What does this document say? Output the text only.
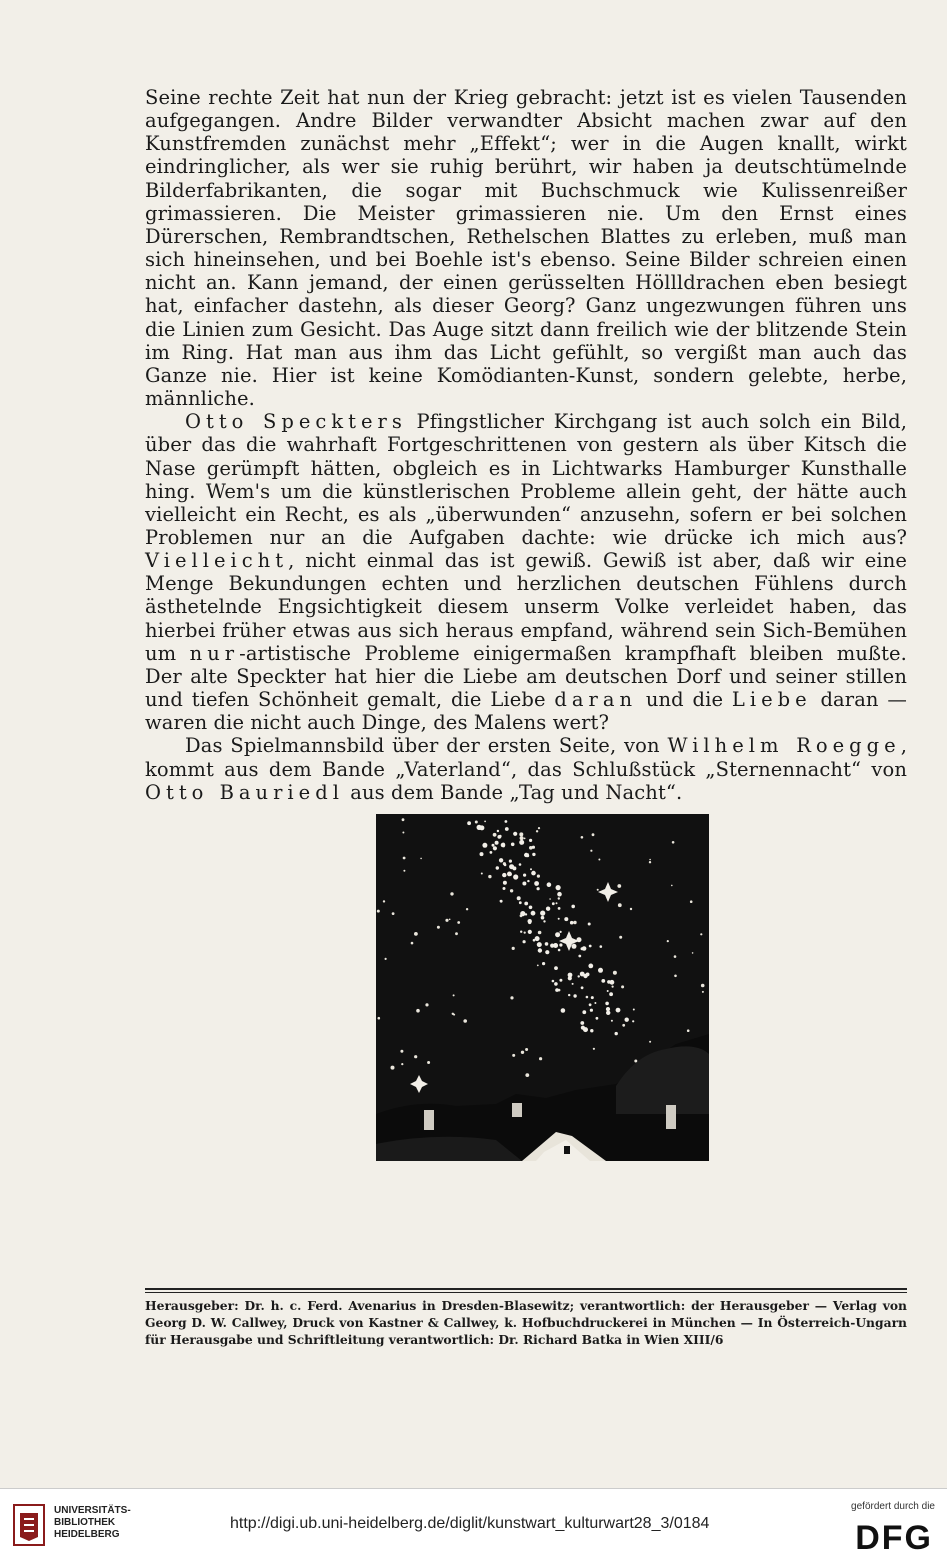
Seine rechte Zeit hat nun der Krieg gebracht: jetzt ist es vielen Tausenden aufgegangen. Andre Bilder verwandter Absicht machen zwar auf den Kunstfremden zunächst mehr „Effekt“; wer in die Augen knallt, wirkt eindringlicher, als wer sie ruhig berührt, wir haben ja deutschtümelnde Bilderfabrikanten, die sogar mit Buchschmuck wie Kulissenreißer grimassieren. Die Meister grimassieren nie. Um den Ernst eines Dürerschen, Rembrandtschen, Rethelschen Blattes zu erleben, muß man sich hineinsehen, und bei Boehle ist's ebenso. Seine Bilder schreien einen nicht an. Kann jemand, der einen gerüsselten Höllldrachen eben besiegt hat, einfacher dastehn, als dieser Georg? Ganz ungezwungen führen uns die Linien zum Gesicht. Das Auge sitzt dann freilich wie der blitzende Stein im Ring. Hat man aus ihm das Licht gefühlt, so vergißt man auch das Ganze nie. Hier ist keine Komödianten-Kunst, sondern gelebte, herbe, männliche.

Otto Speckters Pfingstlicher Kirchgang ist auch solch ein Bild, über das die wahrhaft Fortgeschrittenen von gestern als über Kitsch die Nase gerümpft hätten, obgleich es in Lichtwarks Hamburger Kunsthalle hing. Wem's um die künstlerischen Probleme allein geht, der hätte auch vielleicht ein Recht, es als „überwunden“ anzusehn, sofern er bei solchen Problemen nur an die Aufgaben dachte: wie drücke ich mich aus? Vielleicht, nicht einmal das ist gewiß. Gewiß ist aber, daß wir eine Menge Bekundungen echten und herzlichen deutschen Fühlens durch ästhetelnde Engsichtigkeit diesem unserm Volke verleidet haben, das hierbei früher etwas aus sich heraus empfand, während sein Sich-Bemühen um nur-artistische Probleme einigermaßen krampfhaft bleiben mußte. Der alte Speckter hat hier die Liebe am deutschen Dorf und seiner stillen und tiefen Schönheit gemalt, die Liebe daran und die Liebe daran — waren die nicht auch Dinge, des Malens wert?

Das Spielmannsbild über der ersten Seite, von Wilhelm Roegge, kommt aus dem Bande „Vaterland“, das Schlußstück „Sternennacht“ von Otto Bauriedl aus dem Bande „Tag und Nacht“.

Herausgeber: Dr. h. c. Ferd. Avenarius in Dresden-Blasewitz; verantwortlich: der Herausgeber — Verlag von Georg D. W. Callwey, Druck von Kastner & Callwey, k. Hofbuchdruckerei in München — In Österreich-Ungarn für Herausgabe und Schriftleitung verantwortlich: Dr. Richard Batka in Wien XIII/6

UNIVERSITÄTS-
BIBLIOTHEK
HEIDELBERG
http://digi.ub.uni-heidelberg.de/diglit/kunstwart_kulturwart28_3/0184
gefördert durch die
DFG
